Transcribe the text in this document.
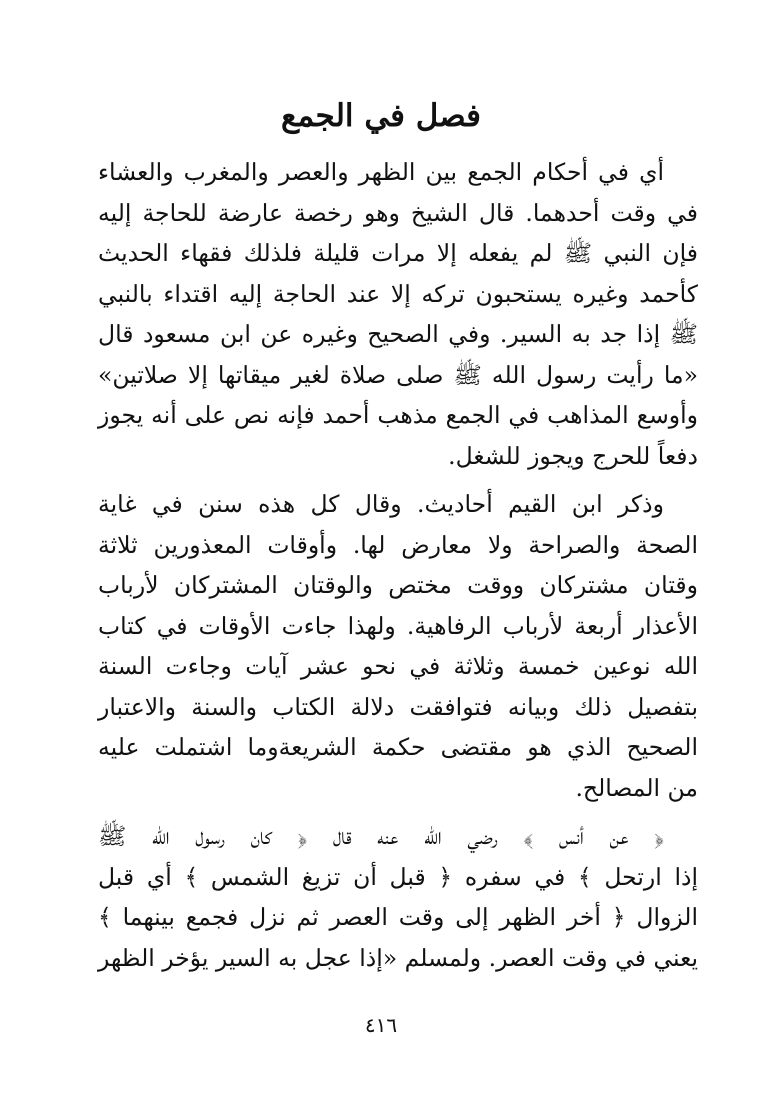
فصل في الجمع
أي في أحكام الجمع بين الظهر والعصر والمغرب والعشاء
في وقت أحدهما. قال الشيخ وهو رخصة عارضة للحاجة إليه
فإن النبي ﷺ لم يفعله إلا مرات قليلة فلذلك فقهاء الحديث
كأحمد وغيره يستحبون تركه إلا عند الحاجة إليه اقتداء بالنبي
ﷺ إذا جد به السير. وفي الصحيح وغيره عن ابن مسعود قال
«ما رأيت رسول الله ﷺ صلى صلاة لغير ميقاتها إلا صلاتين»
وأوسع المذاهب في الجمع مذهب أحمد فإنه نص على أنه يجوز
دفعاً للحرج ويجوز للشغل.
وذكر ابن القيم أحاديث. وقال كل هذه سنن في غاية
الصحة والصراحة ولا معارض لها. وأوقات المعذورين ثلاثة
وقتان مشتركان ووقت مختص والوقتان المشتركان لأرباب
الأعذار أربعة لأرباب الرفاهية. ولهذا جاءت الأوقات في كتاب
الله نوعين خمسة وثلاثة في نحو عشر آيات وجاءت السنة
بتفصيل ذلك وبيانه فتوافقت دلالة الكتاب والسنة والاعتبار
الصحيح الذي هو مقتضى حكمة الشريعةوما اشتملت عليه
من المصالح.
﴿ عن أنس ﴾ رضي الله عنه قال ﴿ كان رسول الله ﷺ
إذا ارتحل ﴾ في سفره ﴿ قبل أن تزيغ الشمس ﴾ أي قبل
الزوال ﴿ أخر الظهر إلى وقت العصر ثم نزل فجمع بينهما ﴾
يعني في وقت العصر. ولمسلم «إذا عجل به السير يؤخر الظهر
٤١٦
